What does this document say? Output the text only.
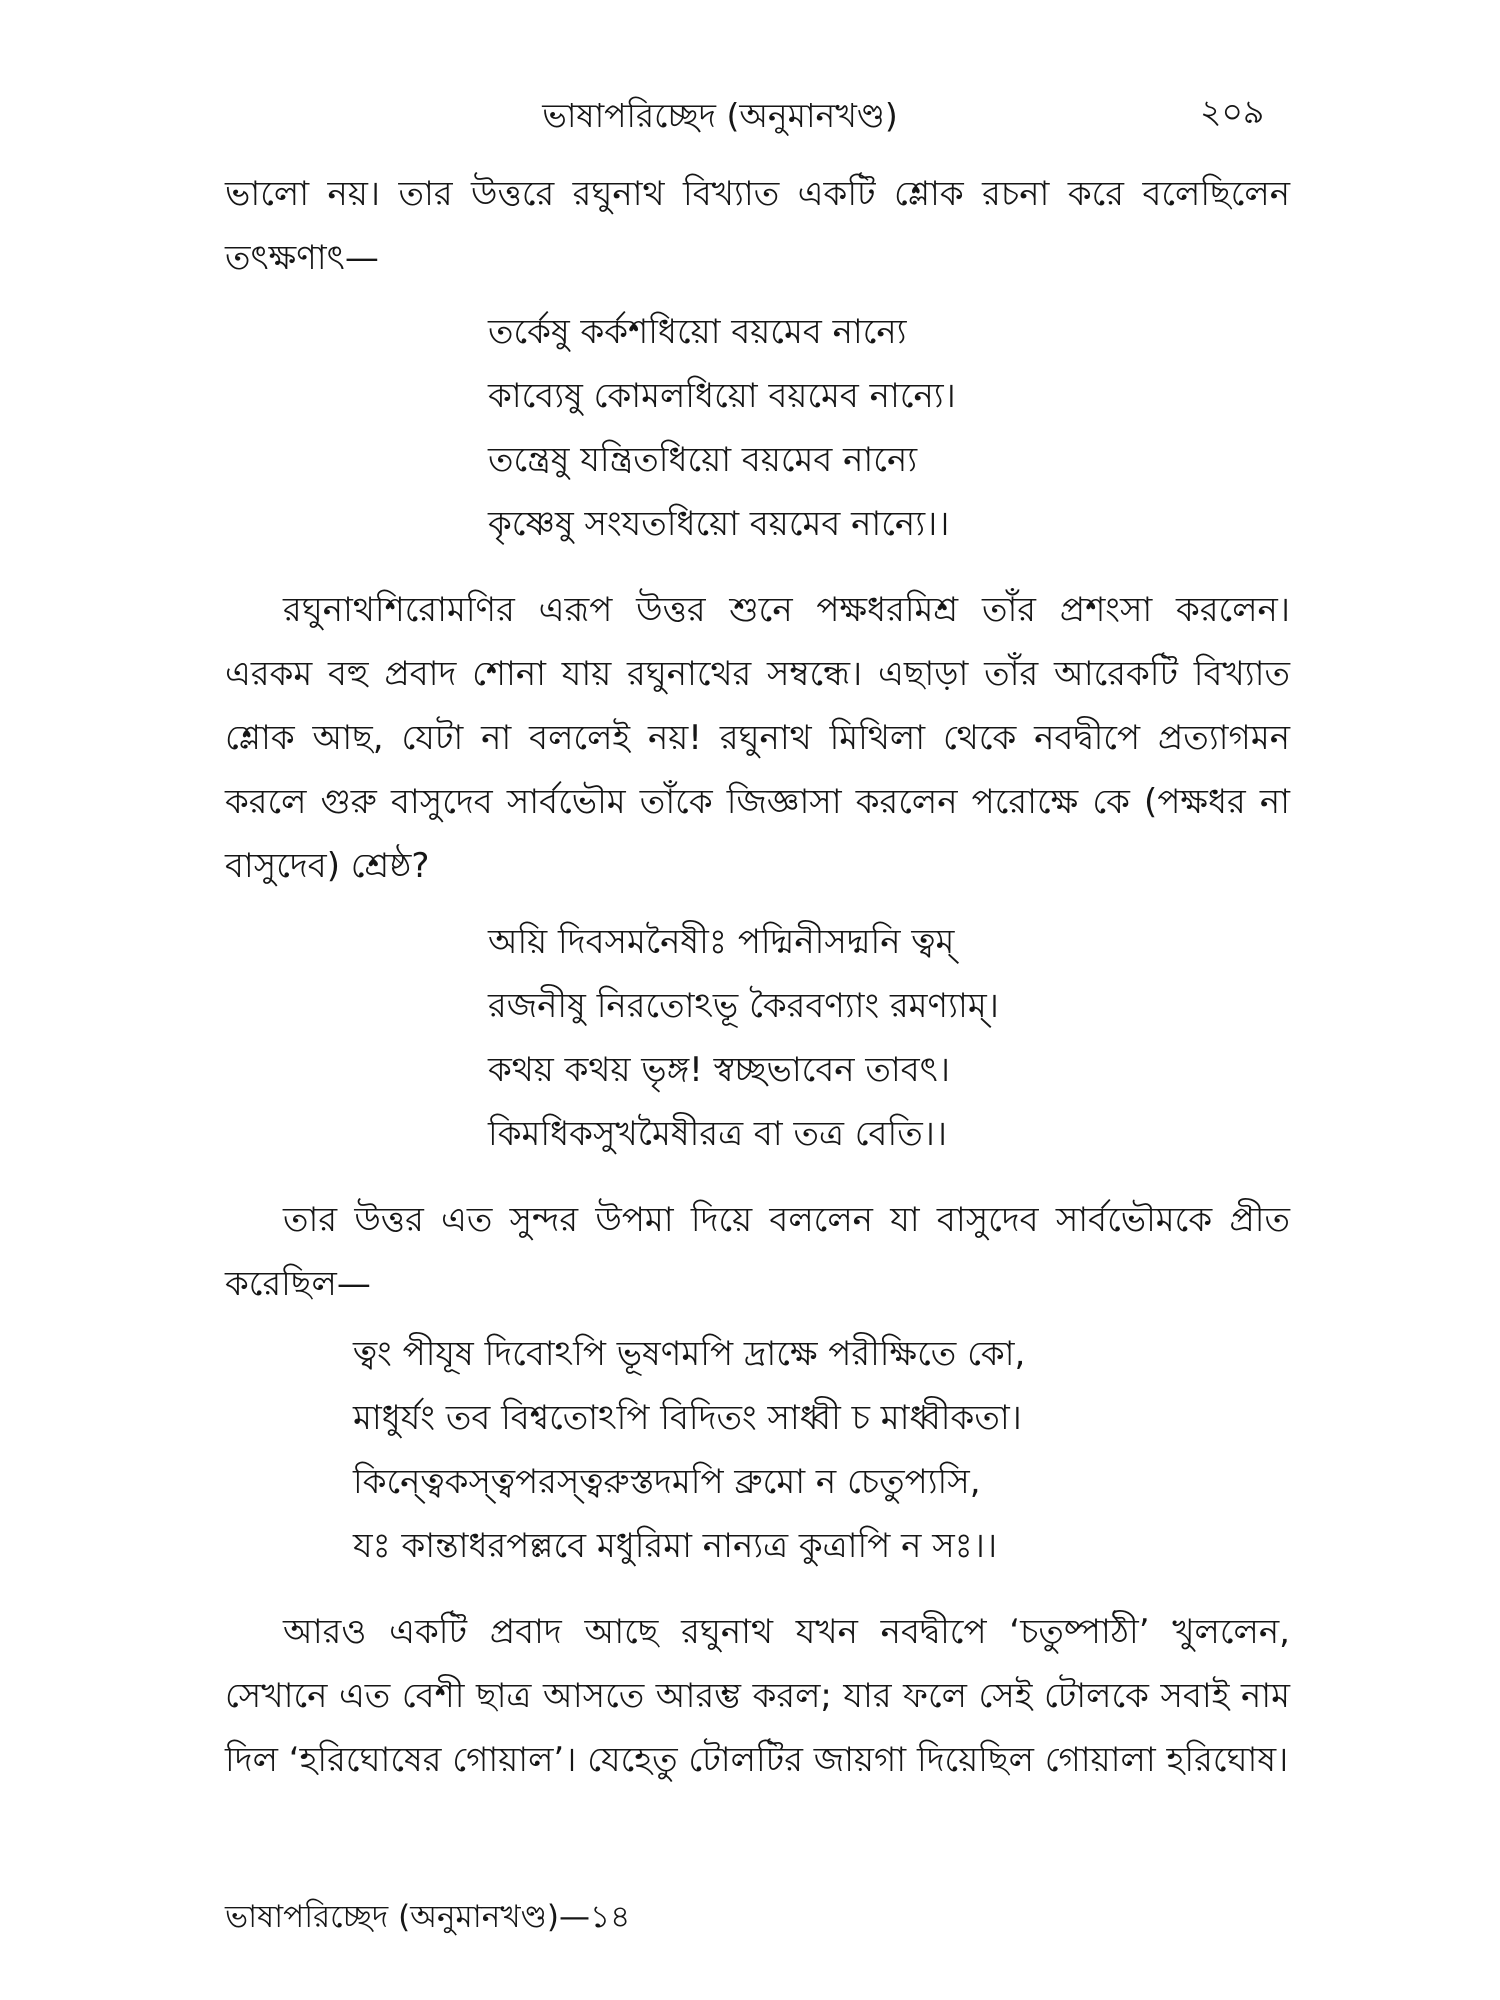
ভাষাপরিচ্ছেদ (অনুমানখণ্ড)	২০৯

ভালো নয়। তার উত্তরে রঘুনাথ বিখ্যাত একটি শ্লোক রচনা করে বলেছিলেন তৎক্ষণাৎ—

তর্কেষু কর্কশধিয়ো বয়মেব নান্যে
কাব্যেষু কোমলধিয়ো বয়মেব নান্যে।
তন্ত্রেষু যন্ত্রিতধিয়ো বয়মেব নান্যে
কৃষ্ণেষু সংযতধিয়ো বয়মেব নান্যে।।

রঘুনাথশিরোমণির এরূপ উত্তর শুনে পক্ষধরমিশ্র তাঁর প্রশংসা করলেন। এরকম বহু প্রবাদ শোনা যায় রঘুনাথের সম্বন্ধে। এছাড়া তাঁর আরেকটি বিখ্যাত শ্লোক আছ, যেটা না বললেই নয়! রঘুনাথ মিথিলা থেকে নবদ্বীপে প্রত্যাগমন করলে গুরু বাসুদেব সার্বভৌম তাঁকে জিজ্ঞাসা করলেন পরোক্ষে কে (পক্ষধর না বাসুদেব) শ্রেষ্ঠ?

অয়ি দিবসমনৈষীঃ পদ্মিনীসদ্মনি ত্বম্
রজনীষু নিরতোঽভূ কৈরবণ্যাং রমণ্যাম্।
কথয় কথয় ভৃঙ্গ! স্বচ্ছভাবেন তাবৎ।
কিমধিকসুখমৈষীরত্র বা তত্র বেতি।।

তার উত্তর এত সুন্দর উপমা দিয়ে বললেন যা বাসুদেব সার্বভৌমকে প্রীত করেছিল—

ত্বং পীযূষ দিবোঽপি ভূষণমপি দ্রাক্ষে পরীক্ষিতে কো,
মাধুর্যং তব বিশ্বতোঽপি বিদিতং সাধ্বী চ মাধ্বীকতা।
কিন্ত্বেকস্ত্বপরস্ত্বরুস্তদমপি ব্রুমো ন চেতুপ্যসি,
যঃ কান্তাধরপল্লবে মধুরিমা নান্যত্র কুত্রাপি ন সঃ।।

আরও একটি প্রবাদ আছে রঘুনাথ যখন নবদ্বীপে ‘চতুষ্পাঠী’ খুললেন, সেখানে এত বেশী ছাত্র আসতে আরম্ভ করল; যার ফলে সেই টোলকে সবাই নাম দিল ‘হরিঘোষের গোয়াল’। যেহেতু টোলটির জায়গা দিয়েছিল গোয়ালা হরিঘোষ।

ভাষাপরিচ্ছেদ (অনুমানখণ্ড)—১৪
